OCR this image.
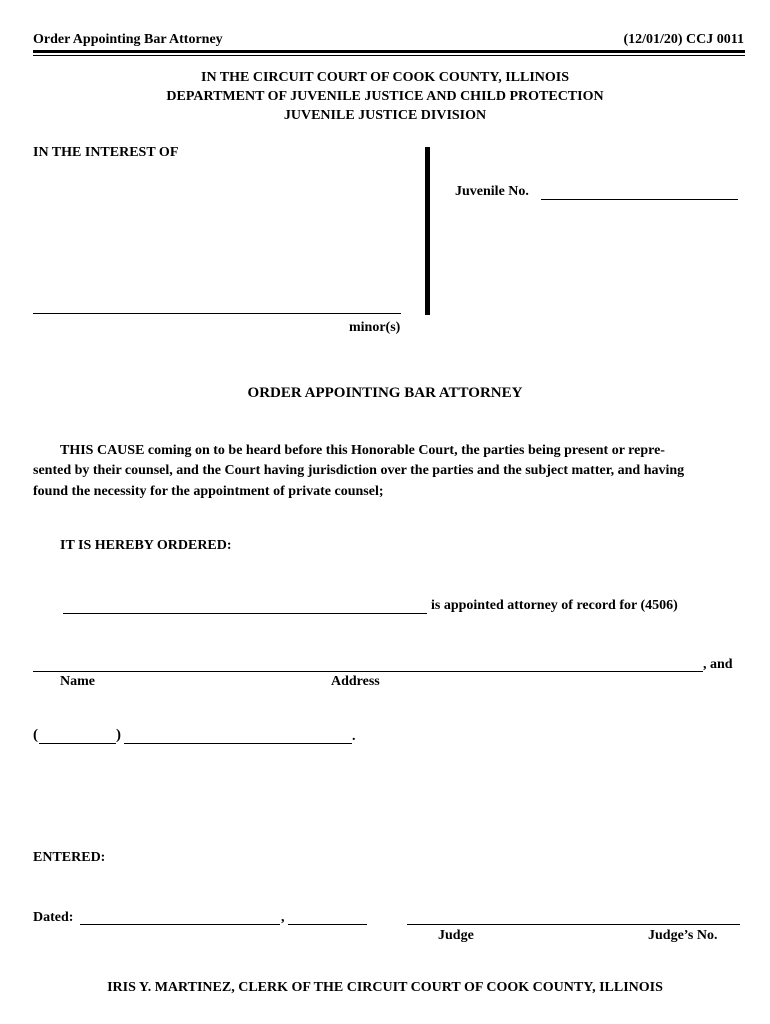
Order Appointing Bar Attorney	(12/01/20) CCJ 0011
IN THE CIRCUIT COURT OF COOK COUNTY, ILLINOIS
DEPARTMENT OF JUVENILE JUSTICE AND CHILD PROTECTION
JUVENILE JUSTICE DIVISION
IN THE INTEREST OF
Juvenile No.
minor(s)
ORDER APPOINTING BAR ATTORNEY
THIS CAUSE coming on to be heard before this Honorable Court, the parties being present or repre-
sented by their counsel, and the Court having jurisdiction over the parties and the subject matter, and having
found the necessity for the appointment of private counsel;
IT IS HEREBY ORDERED:
is appointed attorney of record for (4506)
, and
Name	Address
(	)	.
ENTERED:
Dated:	,
Judge	Judge’s No.
IRIS Y. MARTINEZ, CLERK OF THE CIRCUIT COURT OF COOK COUNTY, ILLINOIS
